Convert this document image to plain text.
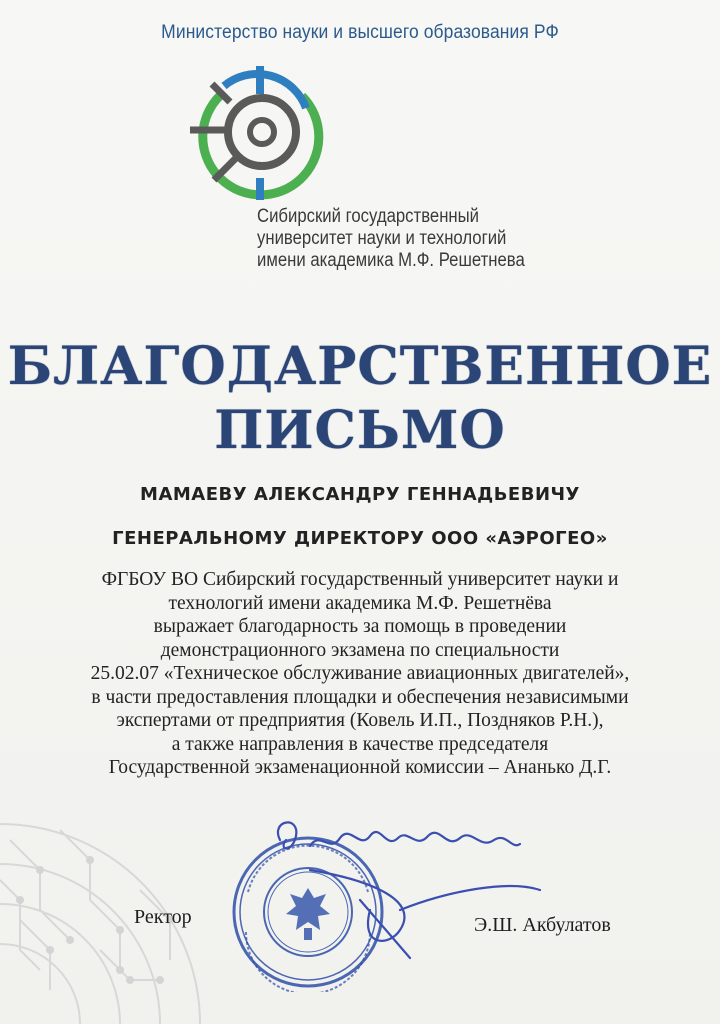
Министерство науки и высшего образования РФ
Сибирский государственный
университет науки и технологий
имени академика М.Ф. Решетнева
БЛАГОДАРСТВЕННОЕ
ПИСЬМО
МАМАЕВУ АЛЕКСАНДРУ ГЕННАДЬЕВИЧУ
ГЕНЕРАЛЬНОМУ ДИРЕКТОРУ ООО «АЭРОГЕО»
ФГБОУ ВО Сибирский государственный университет науки и
технологий имени академика М.Ф. Решетнёва
выражает благодарность за помощь в проведении
демонстрационного экзамена по специальности
25.02.07 «Техническое обслуживание авиационных двигателей»,
в части предоставления площадки и обеспечения независимыми
экспертами от предприятия (Ковель И.П., Поздняков Р.Н.),
а также направления в качестве председателя
Государственной экзаменационной комиссии – Ананько Д.Г.
Ректор	Э.Ш. Акбулатов
